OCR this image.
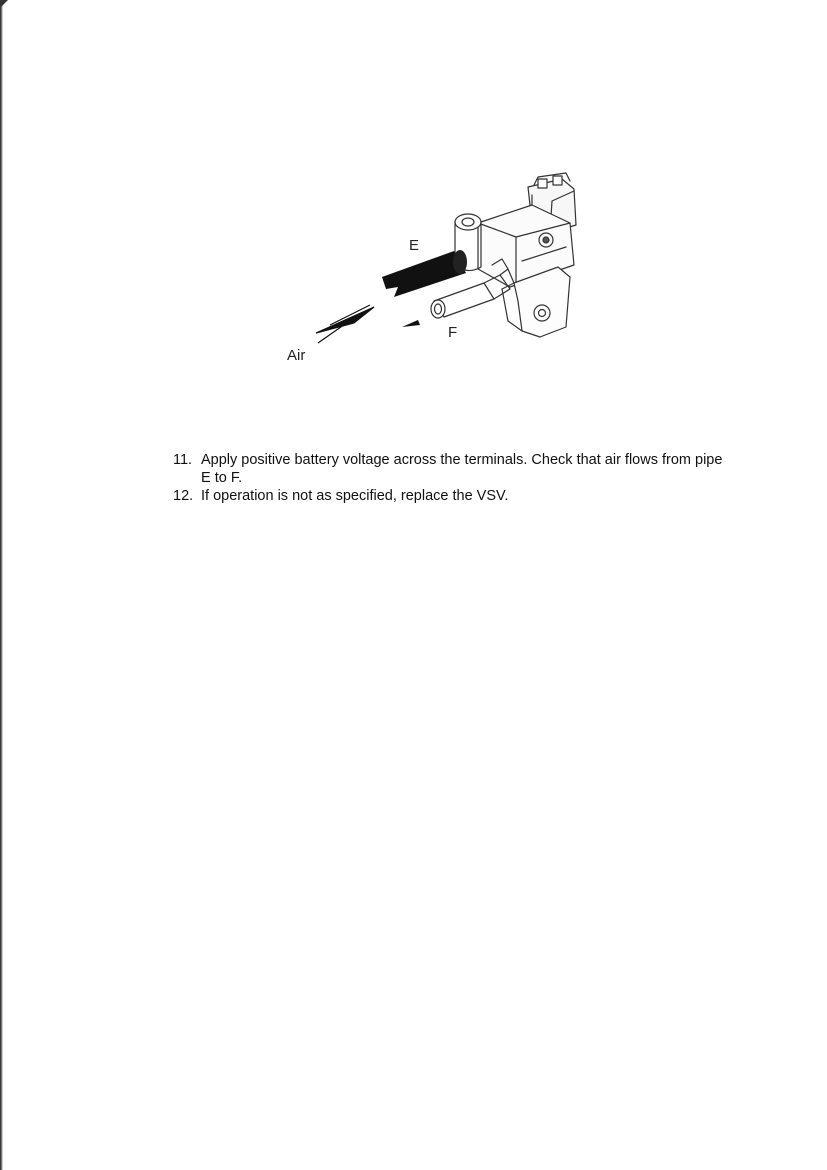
E
F
Air
11. Apply positive battery voltage across the terminals. Check that air flows from pipe E to F.
12. If operation is not as specified, replace the VSV.
